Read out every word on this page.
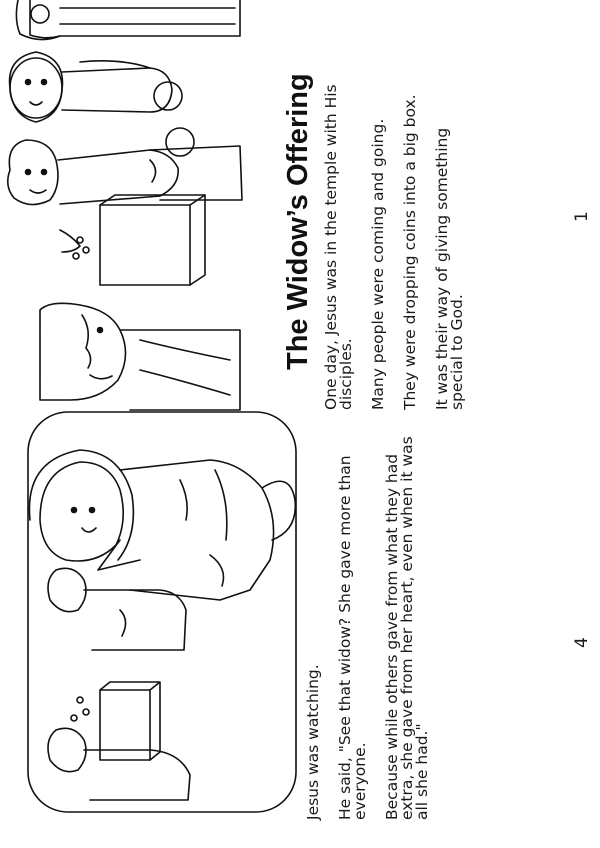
The Widow’s Offering One day, Jesus was in the temple with His disciples. Many people were coming and going. They were dropping coins into a big box. It was their way of giving something special to God.

1

Jesus was watching. He said, "See that widow? She gave more than everyone. Because while others gave from what they had extra, she gave from her heart, even when it was all she had."

4
